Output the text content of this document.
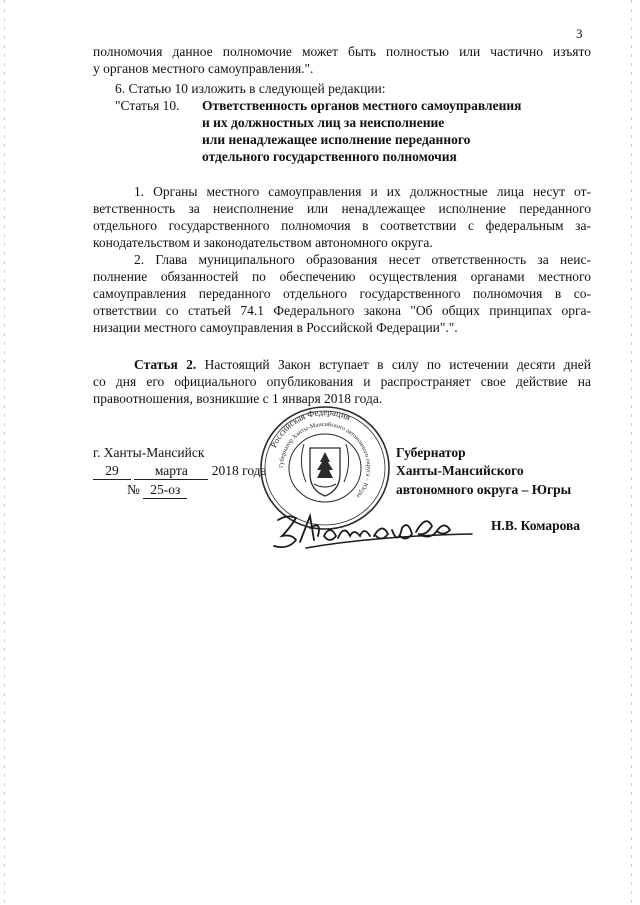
3
полномочия данное полномочие может быть полностью или частично изъято
у органов местного самоуправления.".
6. Статью 10 изложить в следующей редакции:
"Статья 10. Ответственность органов местного самоуправления
и их должностных лиц за неисполнение
или ненадлежащее исполнение переданного
отдельного государственного полномочия
1. Органы местного самоуправления и их должностные лица несут от-
ветственность за неисполнение или ненадлежащее исполнение переданного
отдельного государственного полномочия в соответствии с федеральным за-
конодательством и законодательством автономного округа.
2. Глава муниципального образования несет ответственность за неис-
полнение обязанностей по обеспечению осуществления органами местного
самоуправления переданного отдельного государственного полномочия в со-
ответствии со статьей 74.1 Федерального закона "Об общих принципах орга-
низации местного самоуправления в Российской Федерации".".
Статья 2. Настоящий Закон вступает в силу по истечении десяти дней
со дня его официального опубликования и распространяет свое действие на
правоотношения, возникшие с 1 января 2018 года.
г. Ханты-Мансийск
29	марта 2018 года
№ 25-оз
Российская Федерация
Губернатор Ханты-Мансийского автономного округа – Югры
Губернатор
Ханты-Мансийского
автономного округа – Югры
Н.В. Комарова
